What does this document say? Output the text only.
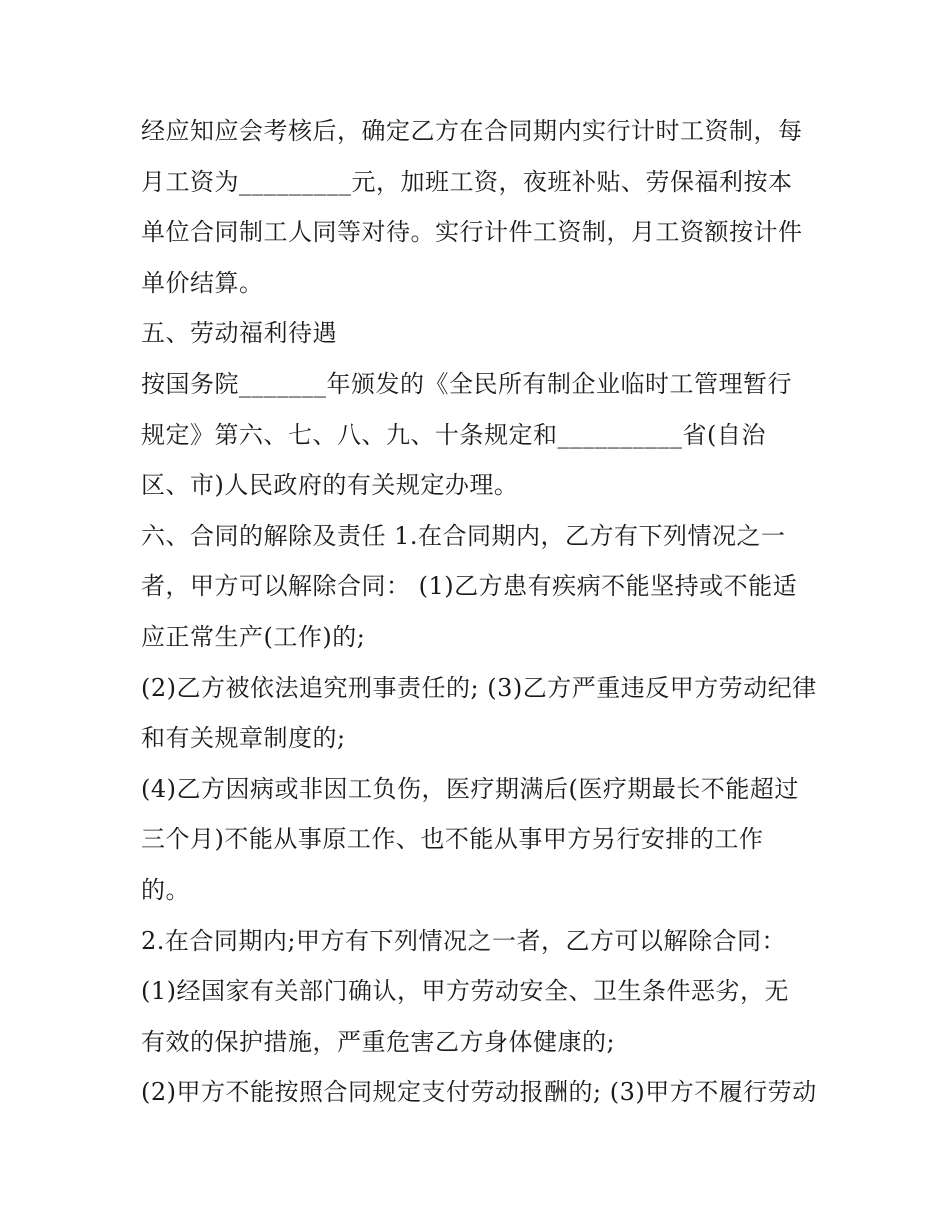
经应知应会考核后，确定乙方在合同期内实行计时工资制，每
月工资为_________元，加班工资，夜班补贴、劳保福利按本
单位合同制工人同等对待。实行计件工资制，月工资额按计件
单价结算。
五、劳动福利待遇
按国务院_______年颁发的《全民所有制企业临时工管理暂行
规定》第六、七、八、九、十条规定和__________省(自治
区、市)人民政府的有关规定办理。
六、合同的解除及责任 1.在合同期内，乙方有下列情况之一
者，甲方可以解除合同： (1)乙方患有疾病不能坚持或不能适
应正常生产(工作)的;
(2)乙方被依法追究刑事责任的; (3)乙方严重违反甲方劳动纪律
和有关规章制度的;
(4)乙方因病或非因工负伤，医疗期满后(医疗期最长不能超过
三个月)不能从事原工作、也不能从事甲方另行安排的工作
的。
2.在合同期内;甲方有下列情况之一者，乙方可以解除合同：
(1)经国家有关部门确认，甲方劳动安全、卫生条件恶劣，无
有效的保护措施，严重危害乙方身体健康的;
(2)甲方不能按照合同规定支付劳动报酬的; (3)甲方不履行劳动
